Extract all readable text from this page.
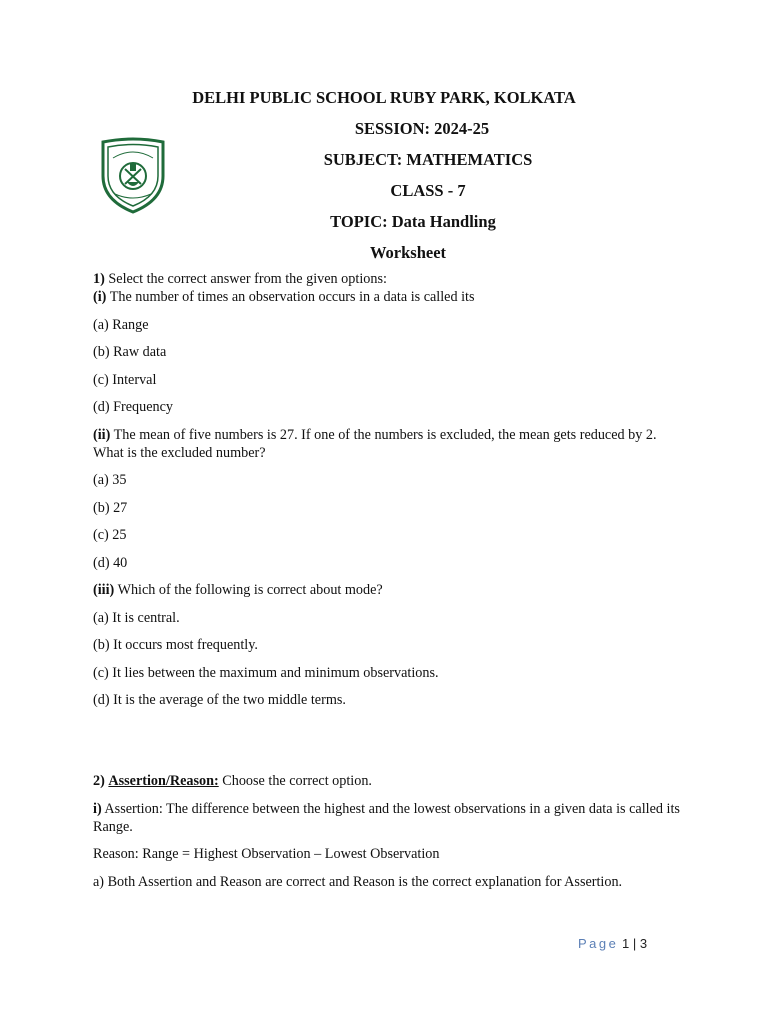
DELHI PUBLIC SCHOOL RUBY PARK, KOLKATA

SESSION: 2024-25

SUBJECT: MATHEMATICS

CLASS - 7

TOPIC: Data Handling

Worksheet

1) Select the correct answer from the given options:

(i) The number of times an observation occurs in a data is called its

(a) Range

(b) Raw data

(c) Interval

(d) Frequency

(ii) The mean of five numbers is 27. If one of the numbers is excluded, the mean gets reduced by 2. What is the excluded number?

(a) 35

(b) 27

(c) 25

(d) 40

(iii) Which of the following is correct about mode?

(a) It is central.

(b) It occurs most frequently.

(c) It lies between the maximum and minimum observations.

(d) It is the average of the two middle terms.

2) Assertion/Reason: Choose the correct option.

i) Assertion: The difference between the highest and the lowest observations in a given data is called its Range.

Reason: Range = Highest Observation – Lowest Observation

a) Both Assertion and Reason are correct and Reason is the correct explanation for Assertion.

Page 1 | 3
